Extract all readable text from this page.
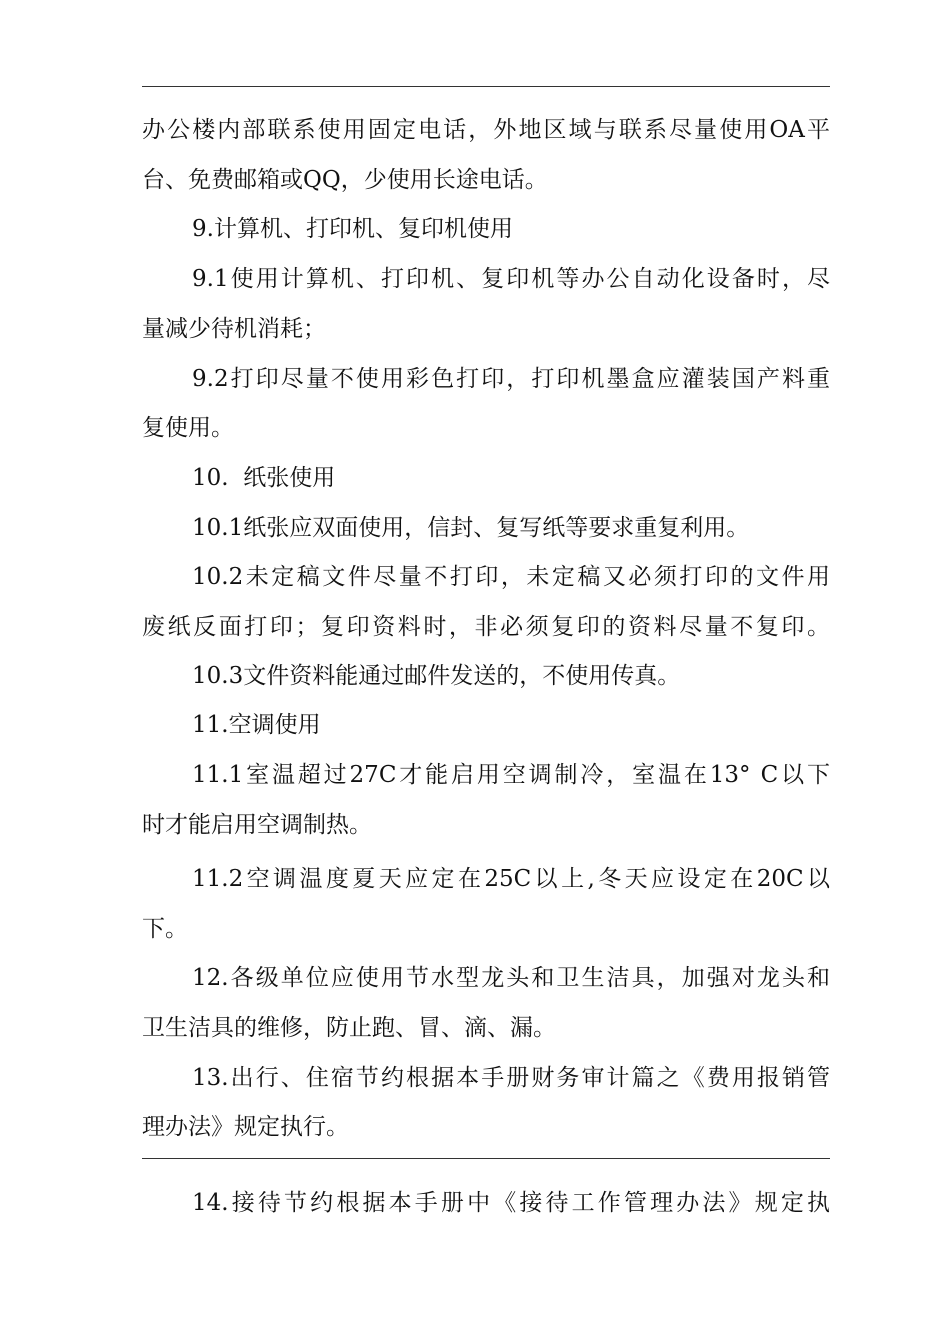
办公楼内部联系使用固定电话，外地区域与联系尽量使用OA平
台、免费邮箱或QQ，少使用长途电话。
9.计算机、打印机、复印机使用
9.1使用计算机、打印机、复印机等办公自动化设备时，尽
量减少待机消耗；
9.2打印尽量不使用彩色打印，打印机墨盒应灌装国产料重
复使用。
10.  纸张使用
10.1纸张应双面使用，信封、复写纸等要求重复利用。
10.2未定稿文件尽量不打印，未定稿又必须打印的文件用
废纸反面打印；复印资料时，非必须复印的资料尽量不复印。
10.3文件资料能通过邮件发送的，不使用传真。
11.空调使用
11.1室温超过27C才能启用空调制冷，室温在13° C以下
时才能启用空调制热。
11.2空调温度夏天应定在25C以上,冬天应设定在20C以
下。
12.各级单位应使用节水型龙头和卫生洁具，加强对龙头和
卫生洁具的维修，防止跑、冒、滴、漏。
13.出行、住宿节约根据本手册财务审计篇之《费用报销管
理办法》规定执行。
14.接待节约根据本手册中《接待工作管理办法》规定执
